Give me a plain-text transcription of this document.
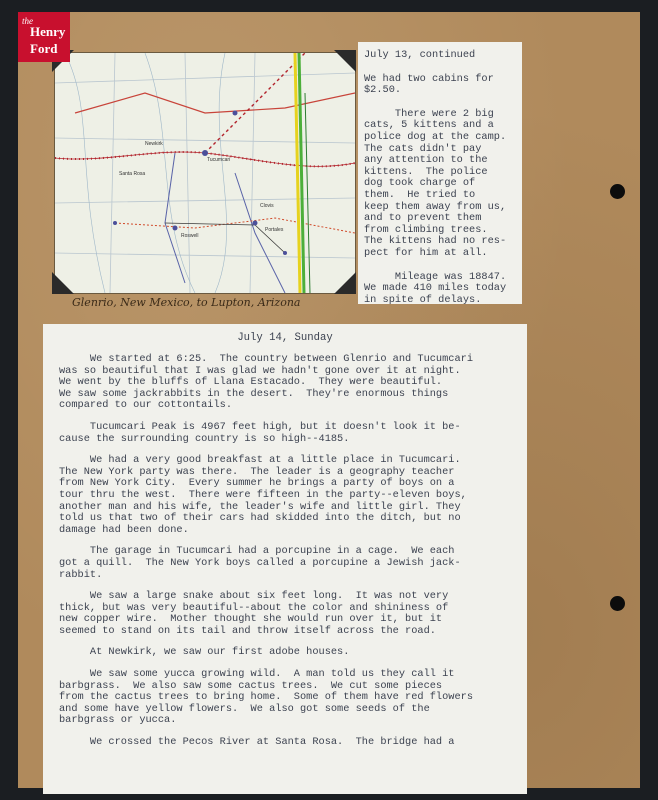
the
Henry
Ford
Tucumcari
Santa Rosa
Clovis
Roswell
Portales
Newkirk
Glenrio, New Mexico, to Lupton, Arizona

July 13, continued

We had two cabins for
$2.50.

There were 2 big
cats, 5 kittens and a
police dog at the camp.
The cats didn't pay
any attention to the
kittens.  The police
dog took charge of
them.  He tried to
keep them away from us,
and to prevent them
from climbing trees.
The kittens had no res-
pect for him at all.

Mileage was 18847.
We made 410 miles today
in spite of delays.

July 14, Sunday

We started at 6:25.  The country between Glenrio and Tucumcari
was so beautiful that I was glad we hadn't gone over it at night.
We went by the bluffs of Llana Estacado.  They were beautiful.
We saw some jackrabbits in the desert.  They're enormous things
compared to our cottontails.

Tucumcari Peak is 4967 feet high, but it doesn't look it be-
cause the surrounding country is so high--4185.

We had a very good breakfast at a little place in Tucumcari.
The New York party was there.  The leader is a geography teacher
from New York City.  Every summer he brings a party of boys on a
tour thru the west.  There were fifteen in the party--eleven boys,
another man and his wife, the leader's wife and little girl. They
told us that two of their cars had skidded into the ditch, but no
damage had been done.

The garage in Tucumcari had a porcupine in a cage.  We each
got a quill.  The New York boys called a porcupine a Jewish jack-
rabbit.

We saw a large snake about six feet long.  It was not very
thick, but was very beautiful--about the color and shininess of
new copper wire.  Mother thought she would run over it, but it
seemed to stand on its tail and throw itself across the road.

At Newkirk, we saw our first adobe houses.

We saw some yucca growing wild.  A man told us they call it
barbgrass.  We also saw some cactus trees.  We cut some pieces
from the cactus trees to bring home.  Some of them have red flowers
and some have yellow flowers.  We also got some seeds of the
barbgrass or yucca.

We crossed the Pecos River at Santa Rosa.  The bridge had a
